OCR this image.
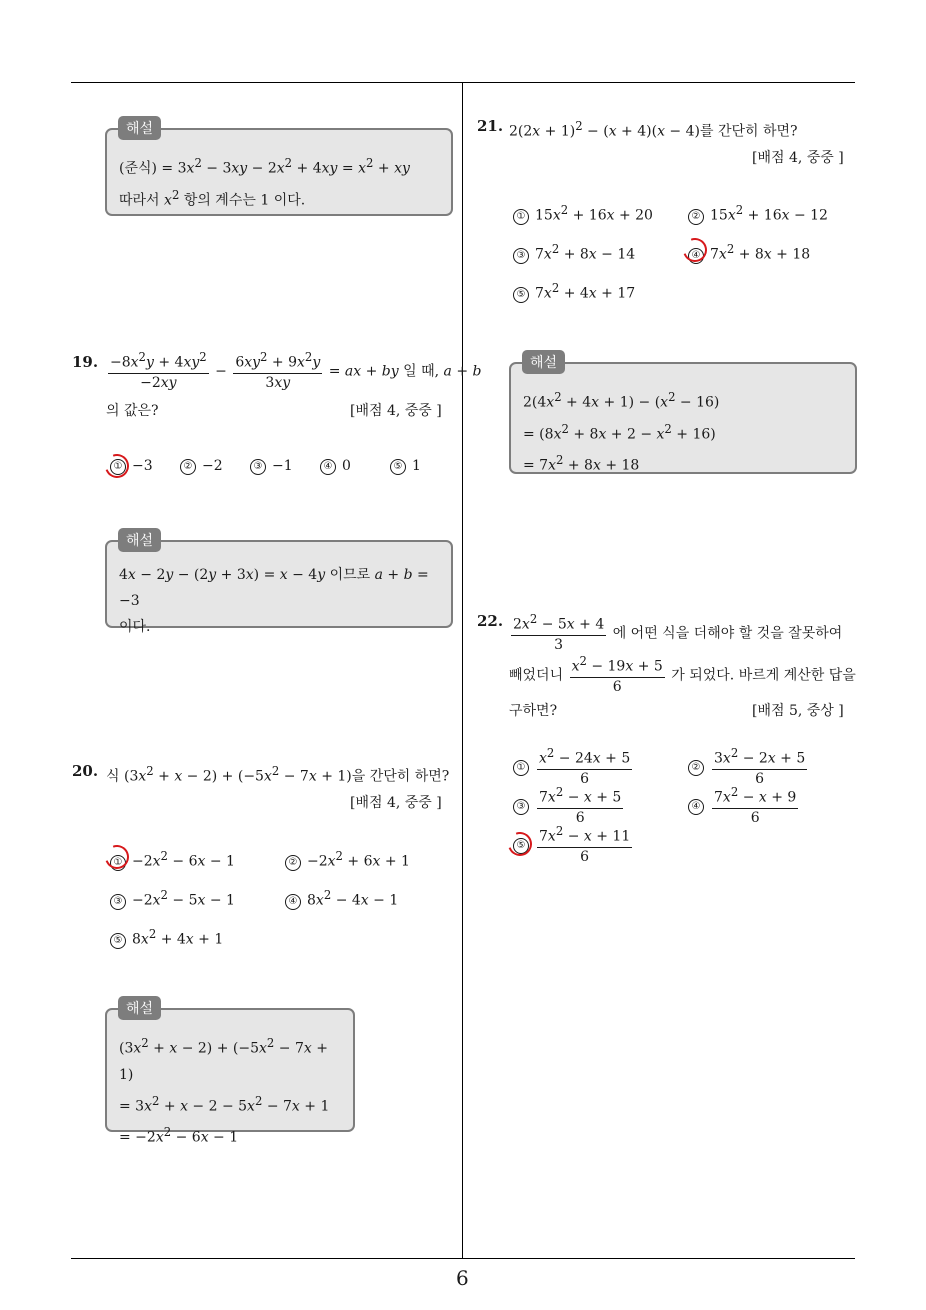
(준식) = $3x^2 - 3xy - 2x^2 + 4xy = x^2$ + xy
따라서 $x^2$ 항의 계수는 1 이다.
해설
19. $\frac{-8x^2y + 4xy^2}{-2xy} - \frac{6xy^2 + 9x^2y}{3xy}$ = ax + by 일 때, a + b
의 값은?	[배점 4, 중중 ]
① −3	② −2	③ −1	④ 0	⑤ 1
4x − 2y − (2y + 3x) = x − 4y 이므로 a + b = −3
이다.
해설
20. 식 $(3x^2 + x - 2) + (-5x^2 - 7x + 1)$을 간단히 하면?
[배점 4, 중중 ]
① $-2x^2 - 6x - 1$	② $-2x^2 + 6x + 1$
③ $-2x^2 - 5x - 1$	④ $8x^2 - 4x - 1$
⑤ $8x^2 + 4x + 1$
$(3x^2 + x - 2) + (-5x^2 - 7x + 1)$
= $3x^2 + x - 2 - 5x^2 - 7x + 1$
= $-2x^2 - 6x - 1$
해설
21. $2(2x + 1)^2 - (x + 4)(x - 4)$를 간단히 하면?
[배점 4, 중중 ]
① $15x^2 + 16x + 20$	② $15x^2 + 16x - 12$
③ $7x^2 + 8x - 14$	④ $7x^2 + 8x + 18$
⑤ $7x^2 + 4x + 17$
$2(4x^2 + 4x + 1) - (x^2 - 16)$
= $(8x^2 + 8x + 2 - x^2 + 16)$
= $7x^2 + 8x + 18$
해설
22. $\frac{2x^2 - 5x + 4}{3}$ 에 어떤 식을 더해야 할 것을 잘못하여
빼었더니 $\frac{x^2 - 19x + 5}{6}$ 가 되었다. 바르게 계산한 답을
구하면?	[배점 5, 중상 ]
① $\frac{x^2 - 24x + 5}{6}$	② $\frac{3x^2 - 2x + 5}{6}$
③ $\frac{7x^2 - x + 5}{6}$	④ $\frac{7x^2 - x + 9}{6}$
⑤ $\frac{7x^2 - x + 11}{6}$
6
